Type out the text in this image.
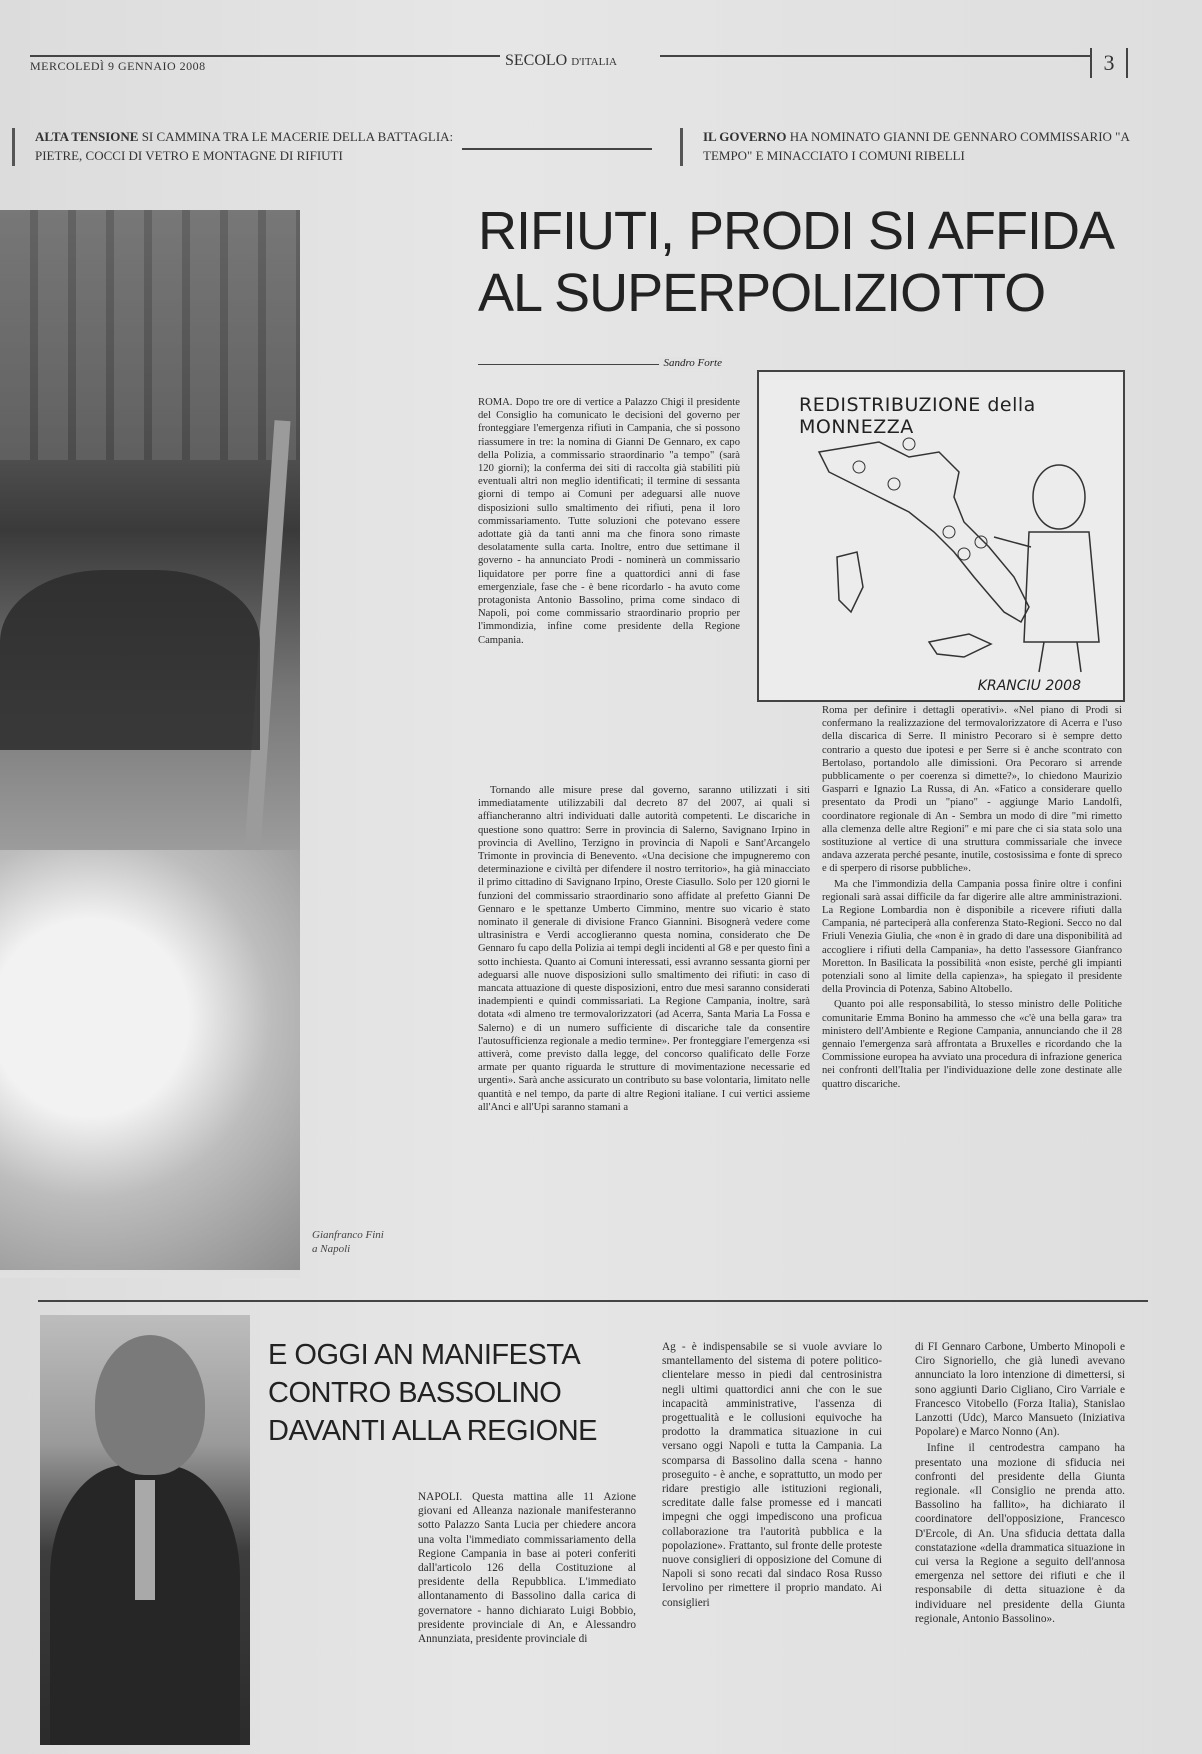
MERCOLEDÌ 9 GENNAIO 2008	SECOLO D'ITALIA	3
ALTA TENSIONE SI CAMMINA TRA LE MACERIE DELLA BATTAGLIA: PIETRE, COCCI DI VETRO E MONTAGNE DI RIFIUTI
IL GOVERNO HA NOMINATO GIANNI DE GENNARO COMMISSARIO "A TEMPO" E MINACCIATO I COMUNI RIBELLI
RIFIUTI, PRODI SI AFFIDA
AL SUPERPOLIZIOTTO
Gianfranco Fini
a Napoli
Sandro Forte
REDISTRIBUZIONE della MONNEZZA
KRANCIU 2008

ROMA. Dopo tre ore di vertice a Palazzo Chigi il presidente del Consiglio ha comunicato le decisioni del governo per fronteggiare l'emergenza rifiuti in Campania, che si possono riassumere in tre: la nomina di Gianni De Gennaro, ex capo della Polizia, a commissario straordinario "a tempo" (sarà 120 giorni); la conferma dei siti di raccolta già stabiliti più eventuali altri non meglio identificati; il termine di sessanta giorni di tempo ai Comuni per adeguarsi alle nuove disposizioni sullo smaltimento dei rifiuti, pena il loro commissariamento. Tutte soluzioni che potevano essere adottate già da tanti anni ma che finora sono rimaste desolatamente sulla carta. Inoltre, entro due settimane il governo - ha annunciato Prodi - nominerà un commissario liquidatore per porre fine a quattordici anni di fase emergenziale, fase che - è bene ricordarlo - ha avuto come protagonista Antonio Bassolino, prima come sindaco di Napoli, poi come commissario straordinario proprio per l'immondizia, infine come presidente della Regione Campania.

Tornando alle misure prese dal governo, saranno utilizzati i siti immediatamente utilizzabili dal decreto 87 del 2007, ai quali si affiancheranno altri individuati dalle autorità competenti. Le discariche in questione sono quattro: Serre in provincia di Salerno, Savignano Irpino in provincia di Avellino, Terzigno in provincia di Napoli e Sant'Arcangelo Trimonte in provincia di Benevento. «Una decisione che impugneremo con determinazione e civiltà per difendere il nostro territorio», ha già minacciato il primo cittadino di Savignano Irpino, Oreste Ciasullo. Solo per 120 giorni le funzioni del commissario straordinario sono affidate al prefetto Gianni De Gennaro e le spettanze Umberto Cimmino, mentre suo vicario è stato nominato il generale di divisione Franco Giannini. Bisognerà vedere come ultrasinistra e Verdi accoglieranno questa nomina, considerato che De Gennaro fu capo della Polizia ai tempi degli incidenti al G8 e per questo finì a sotto inchiesta. Quanto ai Comuni interessati, essi avranno sessanta giorni per adeguarsi alle nuove disposizioni sullo smaltimento dei rifiuti: in caso di mancata attuazione di queste disposizioni, entro due mesi saranno considerati inadempienti e quindi commissariati. La Regione Campania, inoltre, sarà dotata «di almeno tre termovalorizzatori (ad Acerra, Santa Maria La Fossa e Salerno) e di un numero sufficiente di discariche tale da consentire l'autosufficienza regionale a medio termine». Per fronteggiare l'emergenza «si attiverà, come previsto dalla legge, del concorso qualificato delle Forze armate per quanto riguarda le strutture di movimentazione necessarie ed urgenti». Sarà anche assicurato un contributo su base volontaria, limitato nelle quantità e nel tempo, da parte di altre Regioni italiane. I cui vertici assieme all'Anci e all'Upi saranno stamani a

Roma per definire i dettagli operativi». «Nel piano di Prodi si confermano la realizzazione del termovalorizzatore di Acerra e l'uso della discarica di Serre. Il ministro Pecoraro si è sempre detto contrario a questo due ipotesi e per Serre si è anche scontrato con Bertolaso, portandolo alle dimissioni. Ora Pecoraro si arrende pubblicamente o per coerenza si dimette?», lo chiedono Maurizio Gasparri e Ignazio La Russa, di An. «Fatico a considerare quello presentato da Prodi un "piano" - aggiunge Mario Landolfi, coordinatore regionale di An - Sembra un modo di dire "mi rimetto alla clemenza delle altre Regioni" e mi pare che ci sia stata solo una sostituzione al vertice di una struttura commissariale che invece andava azzerata perché pesante, inutile, costosissima e fonte di spreco e di sperpero di risorse pubbliche».

Ma che l'immondizia della Campania possa finire oltre i confini regionali sarà assai difficile da far digerire alle altre amministrazioni. La Regione Lombardia non è disponibile a ricevere rifiuti dalla Campania, né parteciperà alla conferenza Stato-Regioni. Secco no dal Friuli Venezia Giulia, che «non è in grado di dare una disponibilità ad accogliere i rifiuti della Campania», ha detto l'assessore Gianfranco Moretton. In Basilicata la possibilità «non esiste, perché gli impianti potenziali sono al limite della capienza», ha spiegato il presidente della Provincia di Potenza, Sabino Altobello.

Quanto poi alle responsabilità, lo stesso ministro delle Politiche comunitarie Emma Bonino ha ammesso che «c'è una bella gara» tra ministero dell'Ambiente e Regione Campania, annunciando che il 28 gennaio l'emergenza sarà affrontata a Bruxelles e ricordando che la Commissione europea ha avviato una procedura di infrazione generica nei confronti dell'Italia per l'individuazione delle zone destinate alle quattro discariche.

E OGGI AN MANIFESTA
CONTRO BASSOLINO
DAVANTI ALLA REGIONE

NAPOLI. Questa mattina alle 11 Azione giovani ed Alleanza nazionale manifesteranno sotto Palazzo Santa Lucia per chiedere ancora una volta l'immediato commissariamento della Regione Campania in base ai poteri conferiti dall'articolo 126 della Costituzione al presidente della Repubblica. L'immediato allontanamento di Bassolino dalla carica di governatore - hanno dichiarato Luigi Bobbio, presidente provinciale di An, e Alessandro Annunziata, presidente provinciale di

Ag - è indispensabile se si vuole avviare lo smantellamento del sistema di potere politico-clientelare messo in piedi dal centrosinistra negli ultimi quattordici anni che con le sue incapacità amministrative, l'assenza di progettualità e le collusioni equivoche ha prodotto la drammatica situazione in cui versano oggi Napoli e tutta la Campania. La scomparsa di Bassolino dalla scena - hanno proseguito - è anche, e soprattutto, un modo per ridare prestigio alle istituzioni regionali, screditate dalle false promesse ed i mancati impegni che oggi impediscono una proficua collaborazione tra l'autorità pubblica e la popolazione». Frattanto, sul fronte delle proteste nuove consiglieri di opposizione del Comune di Napoli si sono recati dal sindaco Rosa Russo Iervolino per rimettere il proprio mandato. Ai consiglieri

di FI Gennaro Carbone, Umberto Minopoli e Ciro Signoriello, che già lunedì avevano annunciato la loro intenzione di dimettersi, si sono aggiunti Dario Cigliano, Ciro Varriale e Francesco Vitobello (Forza Italia), Stanislao Lanzotti (Udc), Marco Mansueto (Iniziativa Popolare) e Marco Nonno (An).

Infine il centrodestra campano ha presentato una mozione di sfiducia nei confronti del presidente della Giunta regionale. «Il Consiglio ne prenda atto. Bassolino ha fallito», ha dichiarato il coordinatore dell'opposizione, Francesco D'Ercole, di An. Una sfiducia dettata dalla constatazione «della drammatica situazione in cui versa la Regione a seguito dell'annosa emergenza nel settore dei rifiuti e che il responsabile di detta situazione è da individuare nel presidente della Giunta regionale, Antonio Bassolino».
